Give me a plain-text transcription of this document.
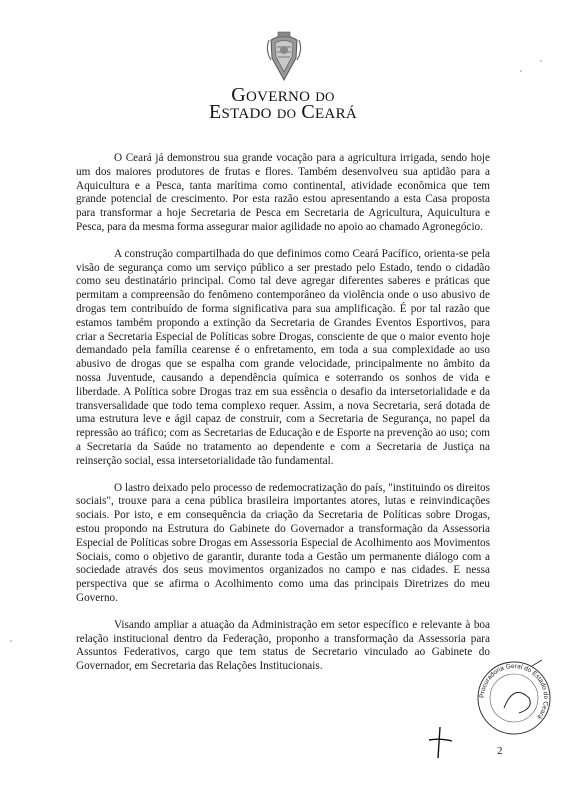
GOVERNO DO
ESTADO DO CEARÁ

O Ceará já demonstrou sua grande vocação para a agricultura irrigada, sendo hoje um dos maiores produtores de frutas e flores. Também desenvolveu sua aptidão para a Aquicultura e a Pesca, tanta marítima como continental, atividade econômica que tem grande potencial de crescimento. Por esta razão estou apresentando a esta Casa proposta para transformar a hoje Secretaria de Pesca em Secretaria de Agricultura, Aquicultura e Pesca, para da mesma forma assegurar maior agilidade no apoio ao chamado Agronegócio.

A construção compartilhada do que definimos como Ceará Pacífico, orienta-se pela visão de segurança como um serviço público a ser prestado pelo Estado, tendo o cidadão como seu destinatário principal. Como tal deve agregar diferentes saberes e práticas que permitam a compreensão do fenômeno contemporâneo da violência onde o uso abusivo de drogas tem contribuído de forma significativa para sua amplificação. É por tal razão que estamos também propondo a extinção da Secretaria de Grandes Eventos Esportivos, para criar a Secretaria Especial de Políticas sobre Drogas, consciente de que o maior evento hoje demandado pela família cearense é o enfretamento, em toda a sua complexidade ao uso abusivo de drogas que se espalha com grande velocidade, principalmente no âmbito da nossa Juventude, causando a dependência química e soterrando os sonhos de vida e liberdade. A Política sobre Drogas traz em sua essência o desafio da intersetorialidade e da transversalidade que todo tema complexo requer. Assim, a nova Secretaria, será dotada de uma estrutura leve e ágil capaz de construir, com a Secretaria de Segurança, no papel da repressão ao tráfico; com as Secretarias de Educação e de Esporte na prevenção ao uso; com a Secretaria da Saúde no tratamento ao dependente e com a Secretaria de Justiça na reinserção social, essa intersetorialidade tão fundamental.

O lastro deixado pelo processo de redemocratização do país, "instituindo os direitos sociais", trouxe para a cena pública brasileira importantes atores, lutas e reinvindicações sociais. Por isto, e em consequência da criação da Secretaria de Políticas sobre Drogas, estou propondo na Estrutura do Gabinete do Governador a transformação da Assessoria Especial de Políticas sobre Drogas em Assessoria Especial de Acolhimento aos Movimentos Sociais, como o objetivo de garantir, durante toda a Gestão um permanente diálogo com a sociedade através dos seus movimentos organizados no campo e nas cidades. E nessa perspectiva que se afirma o Acolhimento como uma das principais Diretrizes do meu Governo.

Visando ampliar a atuação da Administração em setor específico e relevante à boa relação institucional dentro da Federação, proponho a transformação da Assessoria para Assuntos Federativos, cargo que tem status de Secretario vinculado ao Gabinete do Governador, em Secretaria das Relações Institucionais.

Procuradoria Geral do Estado do Ceará
2
